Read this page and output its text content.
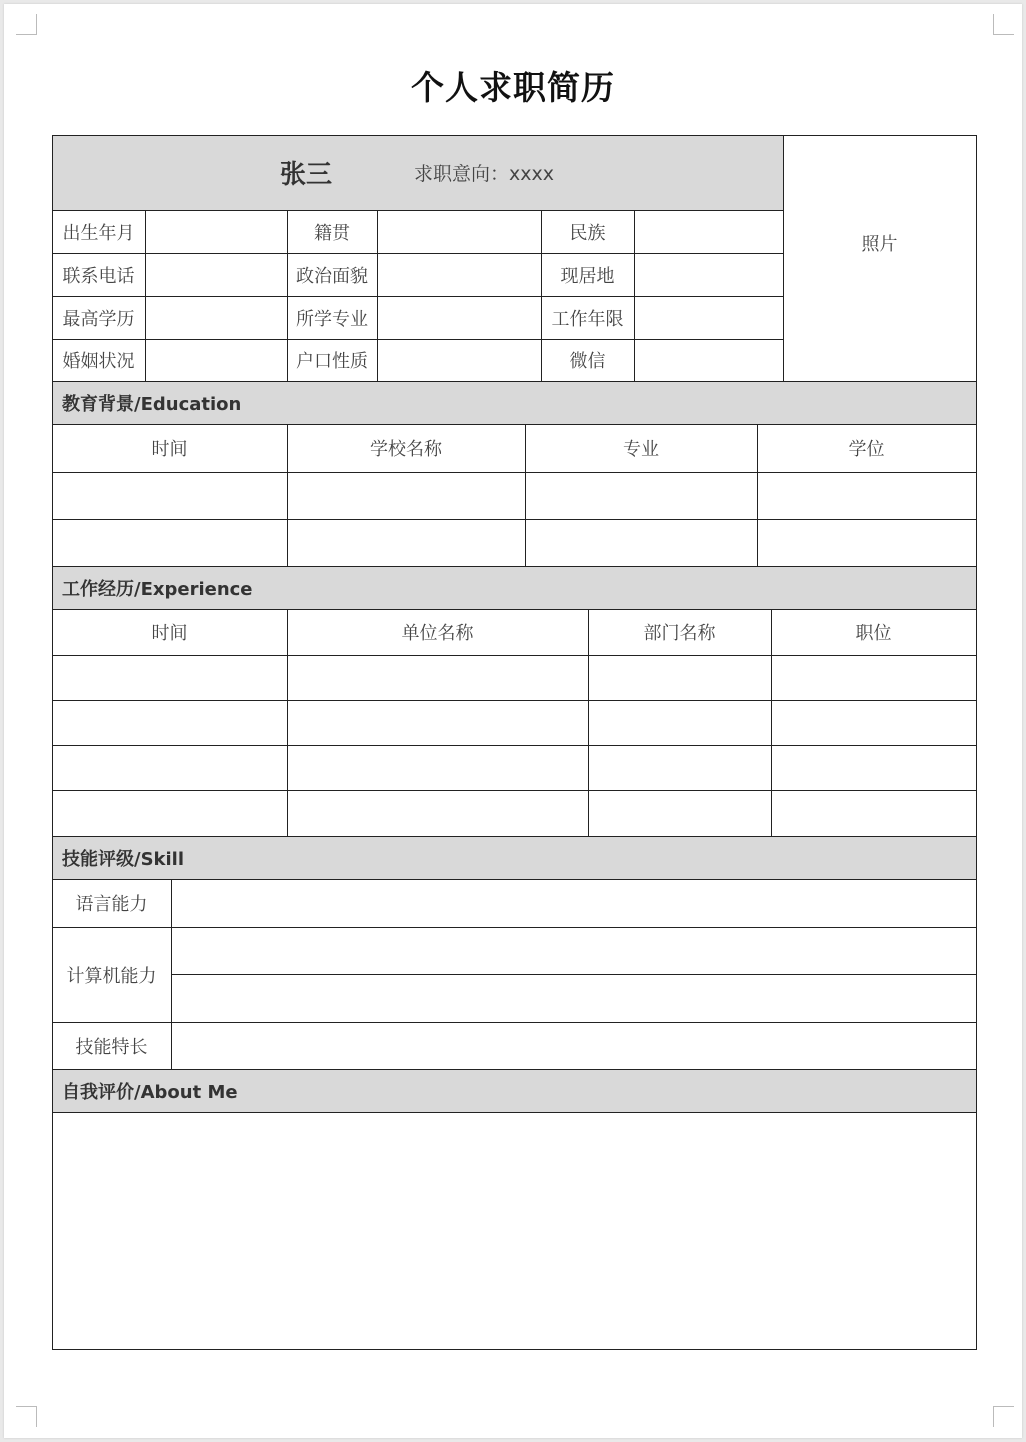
个人求职简历
张三	求职意向：xxxx
照片
出生年月	籍贯	民族
联系电话	政治面貌	现居地
最高学历	所学专业	工作年限
婚姻状况	户口性质	微信
教育背景/Education
时间	学校名称	专业	学位
工作经历/Experience
时间	单位名称	部门名称	职位
技能评级/Skill
语言能力
计算机能力
技能特长
自我评价/About Me
